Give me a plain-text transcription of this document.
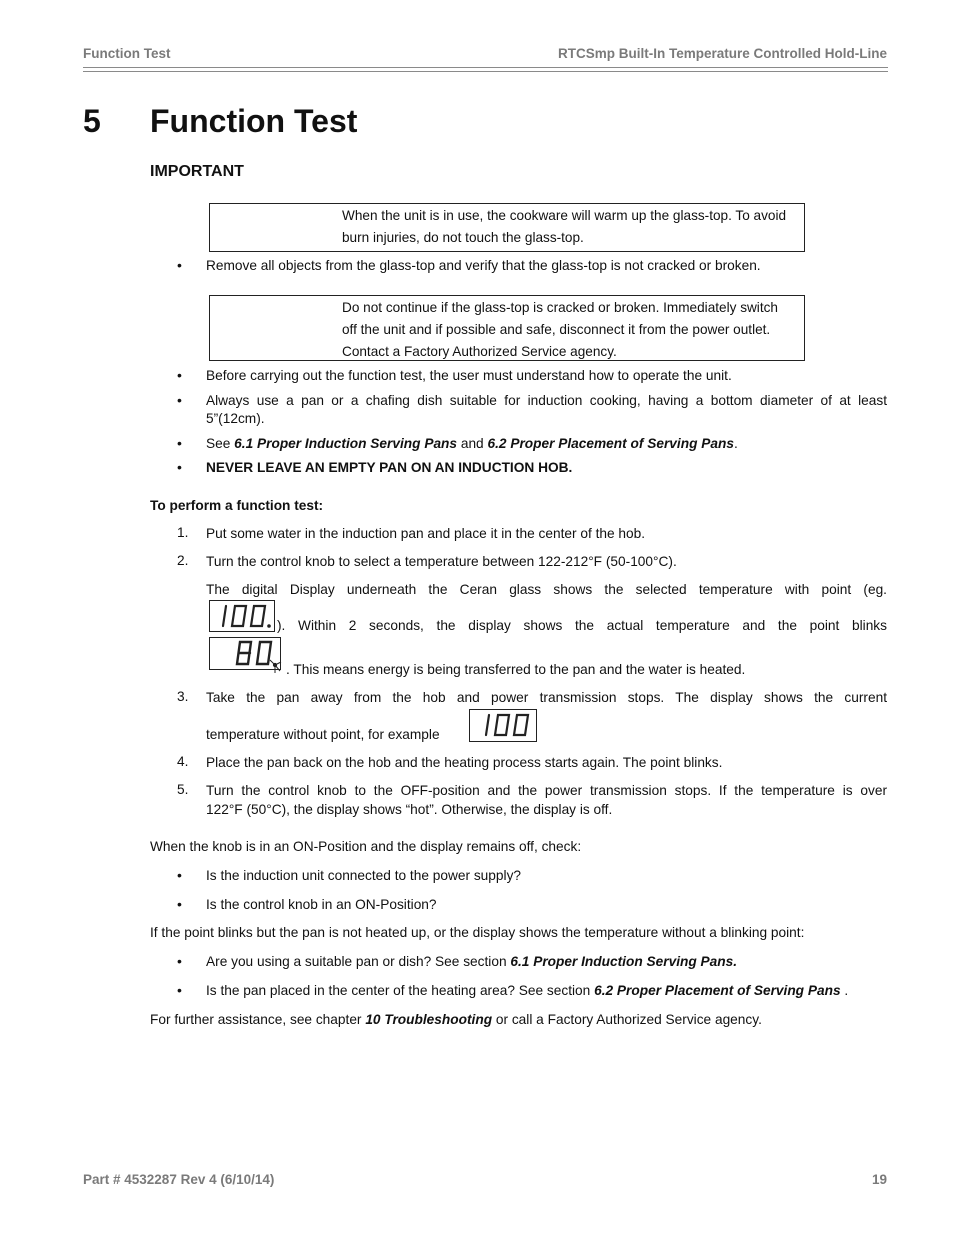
Function Test	RTCSmp Built-In Temperature Controlled Hold-Line
5 Function Test
IMPORTANT
When the unit is in use, the cookware will warm up the glass-top. To avoid burn injuries, do not touch the glass-top.
• Remove all objects from the glass-top and verify that the glass-top is not cracked or broken.
Do not continue if the glass-top is cracked or broken. Immediately switch off the unit and if possible and safe, disconnect it from the power outlet. Contact a Factory Authorized Service agency.
• Before carrying out the function test, the user must understand how to operate the unit.
• Always use a pan or a chafing dish suitable for induction cooking, having a bottom diameter of at least
5”(12cm).
• See 6.1 Proper Induction Serving Pans and 6.2 Proper Placement of Serving Pans.
• NEVER LEAVE AN EMPTY PAN ON AN INDUCTION HOB.
To perform a function test:
1. Put some water in the induction pan and place it in the center of the hob.
2. Turn the control knob to select a temperature between 122-212°F (50-100°C).
The digital Display underneath the Ceran glass shows the selected temperature with point (eg.
). Within 2 seconds, the display shows the actual temperature and the point blinks
. This means energy is being transferred to the pan and the water is heated.
3. Take the pan away from the hob and power transmission stops. The display shows the current
temperature without point, for example
4. Place the pan back on the hob and the heating process starts again. The point blinks.
5. Turn the control knob to the OFF-position and the power transmission stops. If the temperature is over
122°F (50°C), the display shows “hot”. Otherwise, the display is off.
When the knob is in an ON-Position and the display remains off, check:
• Is the induction unit connected to the power supply?
• Is the control knob in an ON-Position?
If the point blinks but the pan is not heated up, or the display shows the temperature without a blinking point:
• Are you using a suitable pan or dish? See section 6.1 Proper Induction Serving Pans.
• Is the pan placed in the center of the heating area? See section 6.2 Proper Placement of Serving Pans .
For further assistance, see chapter 10 Troubleshooting or call a Factory Authorized Service agency.
Part # 4532287 Rev 4 (6/10/14)	19
